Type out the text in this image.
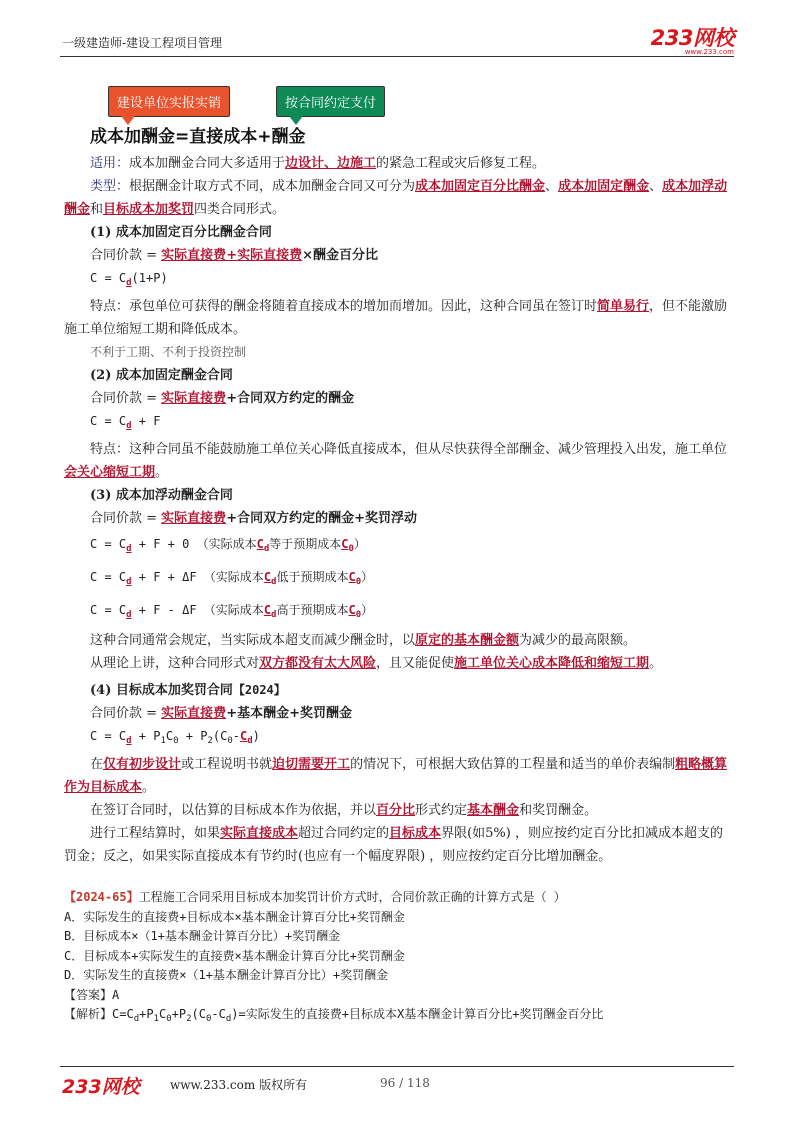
一级建造师-建设工程项目管理	233网校
www.233.com
建设单位实报实销	按合同约定支付
成本加酬金=直接成本+酬金

适用：成本加酬金合同大多适用于边设计、边施工的紧急工程或灾后修复工程。

类型：根据酬金计取方式不同，成本加酬金合同又可分为成本加固定百分比酬金、成本加固定酬金、成本加浮动酬金和目标成本加奖罚四类合同形式。

(1) 成本加固定百分比酬金合同

合同价款 = 实际直接费+实际直接费×酬金百分比

$C = C_d(1+P)$

特点：承包单位可获得的酬金将随着直接成本的增加而增加。因此，这种合同虽在签订时简单易行，但不能激励施工单位缩短工期和降低成本。

不利于工期、不利于投资控制

(2) 成本加固定酬金合同

合同价款 = 实际直接费+合同双方约定的酬金

$C = C_d + F$

特点：这种合同虽不能鼓励施工单位关心降低直接成本，但从尽快获得全部酬金、减少管理投入出发，施工单位会关心缩短工期。

(3) 成本加浮动酬金合同

合同价款 = 实际直接费+合同双方约定的酬金+奖罚浮动

$C = C_d + F + 0$ （实际成本$C_d$等于预期成本$C_0$）

$C = C_d + F + \Delta F$ （实际成本$C_d$低于预期成本$C_0$）

$C = C_d + F - \Delta F$ （实际成本$C_d$高于预期成本$C_0$）

这种合同通常会规定，当实际成本超支而减少酬金时，以原定的基本酬金额为减少的最高限额。

从理论上讲，这种合同形式对双方都没有太大风险，且又能促使施工单位关心成本降低和缩短工期。

(4) 目标成本加奖罚合同【2024】

合同价款 = 实际直接费+基本酬金+奖罚酬金

$C = C_d + P_1C_0 + P_2(C_0-C_d)$

在仅有初步设计或工程说明书就迫切需要开工的情况下，可根据大致估算的工程量和适当的单价表编制粗略概算作为目标成本。

在签订合同时，以估算的目标成本作为依据，并以百分比形式约定基本酬金和奖罚酬金。

进行工程结算时，如果实际直接成本超过合同约定的目标成本界限(如5%) ，则应按约定百分比扣减成本超支的罚金；反之，如果实际直接成本有节约时(也应有一个幅度界限) ，则应按约定百分比增加酬金。

【2024-65】工程施工合同采用目标成本加奖罚计价方式时，合同价款正确的计算方式是（ ）

A．实际发生的直接费+目标成本×基本酬金计算百分比+奖罚酬金

B．目标成本×（1+基本酬金计算百分比）+奖罚酬金

C．目标成本+实际发生的直接费×基本酬金计算百分比+奖罚酬金

D．实际发生的直接费×（1+基本酬金计算百分比）+奖罚酬金

【答案】A

【解析】$C=C_d+P_1C_0+P_2(C_0-C_d)=$实际发生的直接费+目标成本X基本酬金计算百分比+奖罚酬金百分比

233网校	www.233.com 版权所有	96 / 118
